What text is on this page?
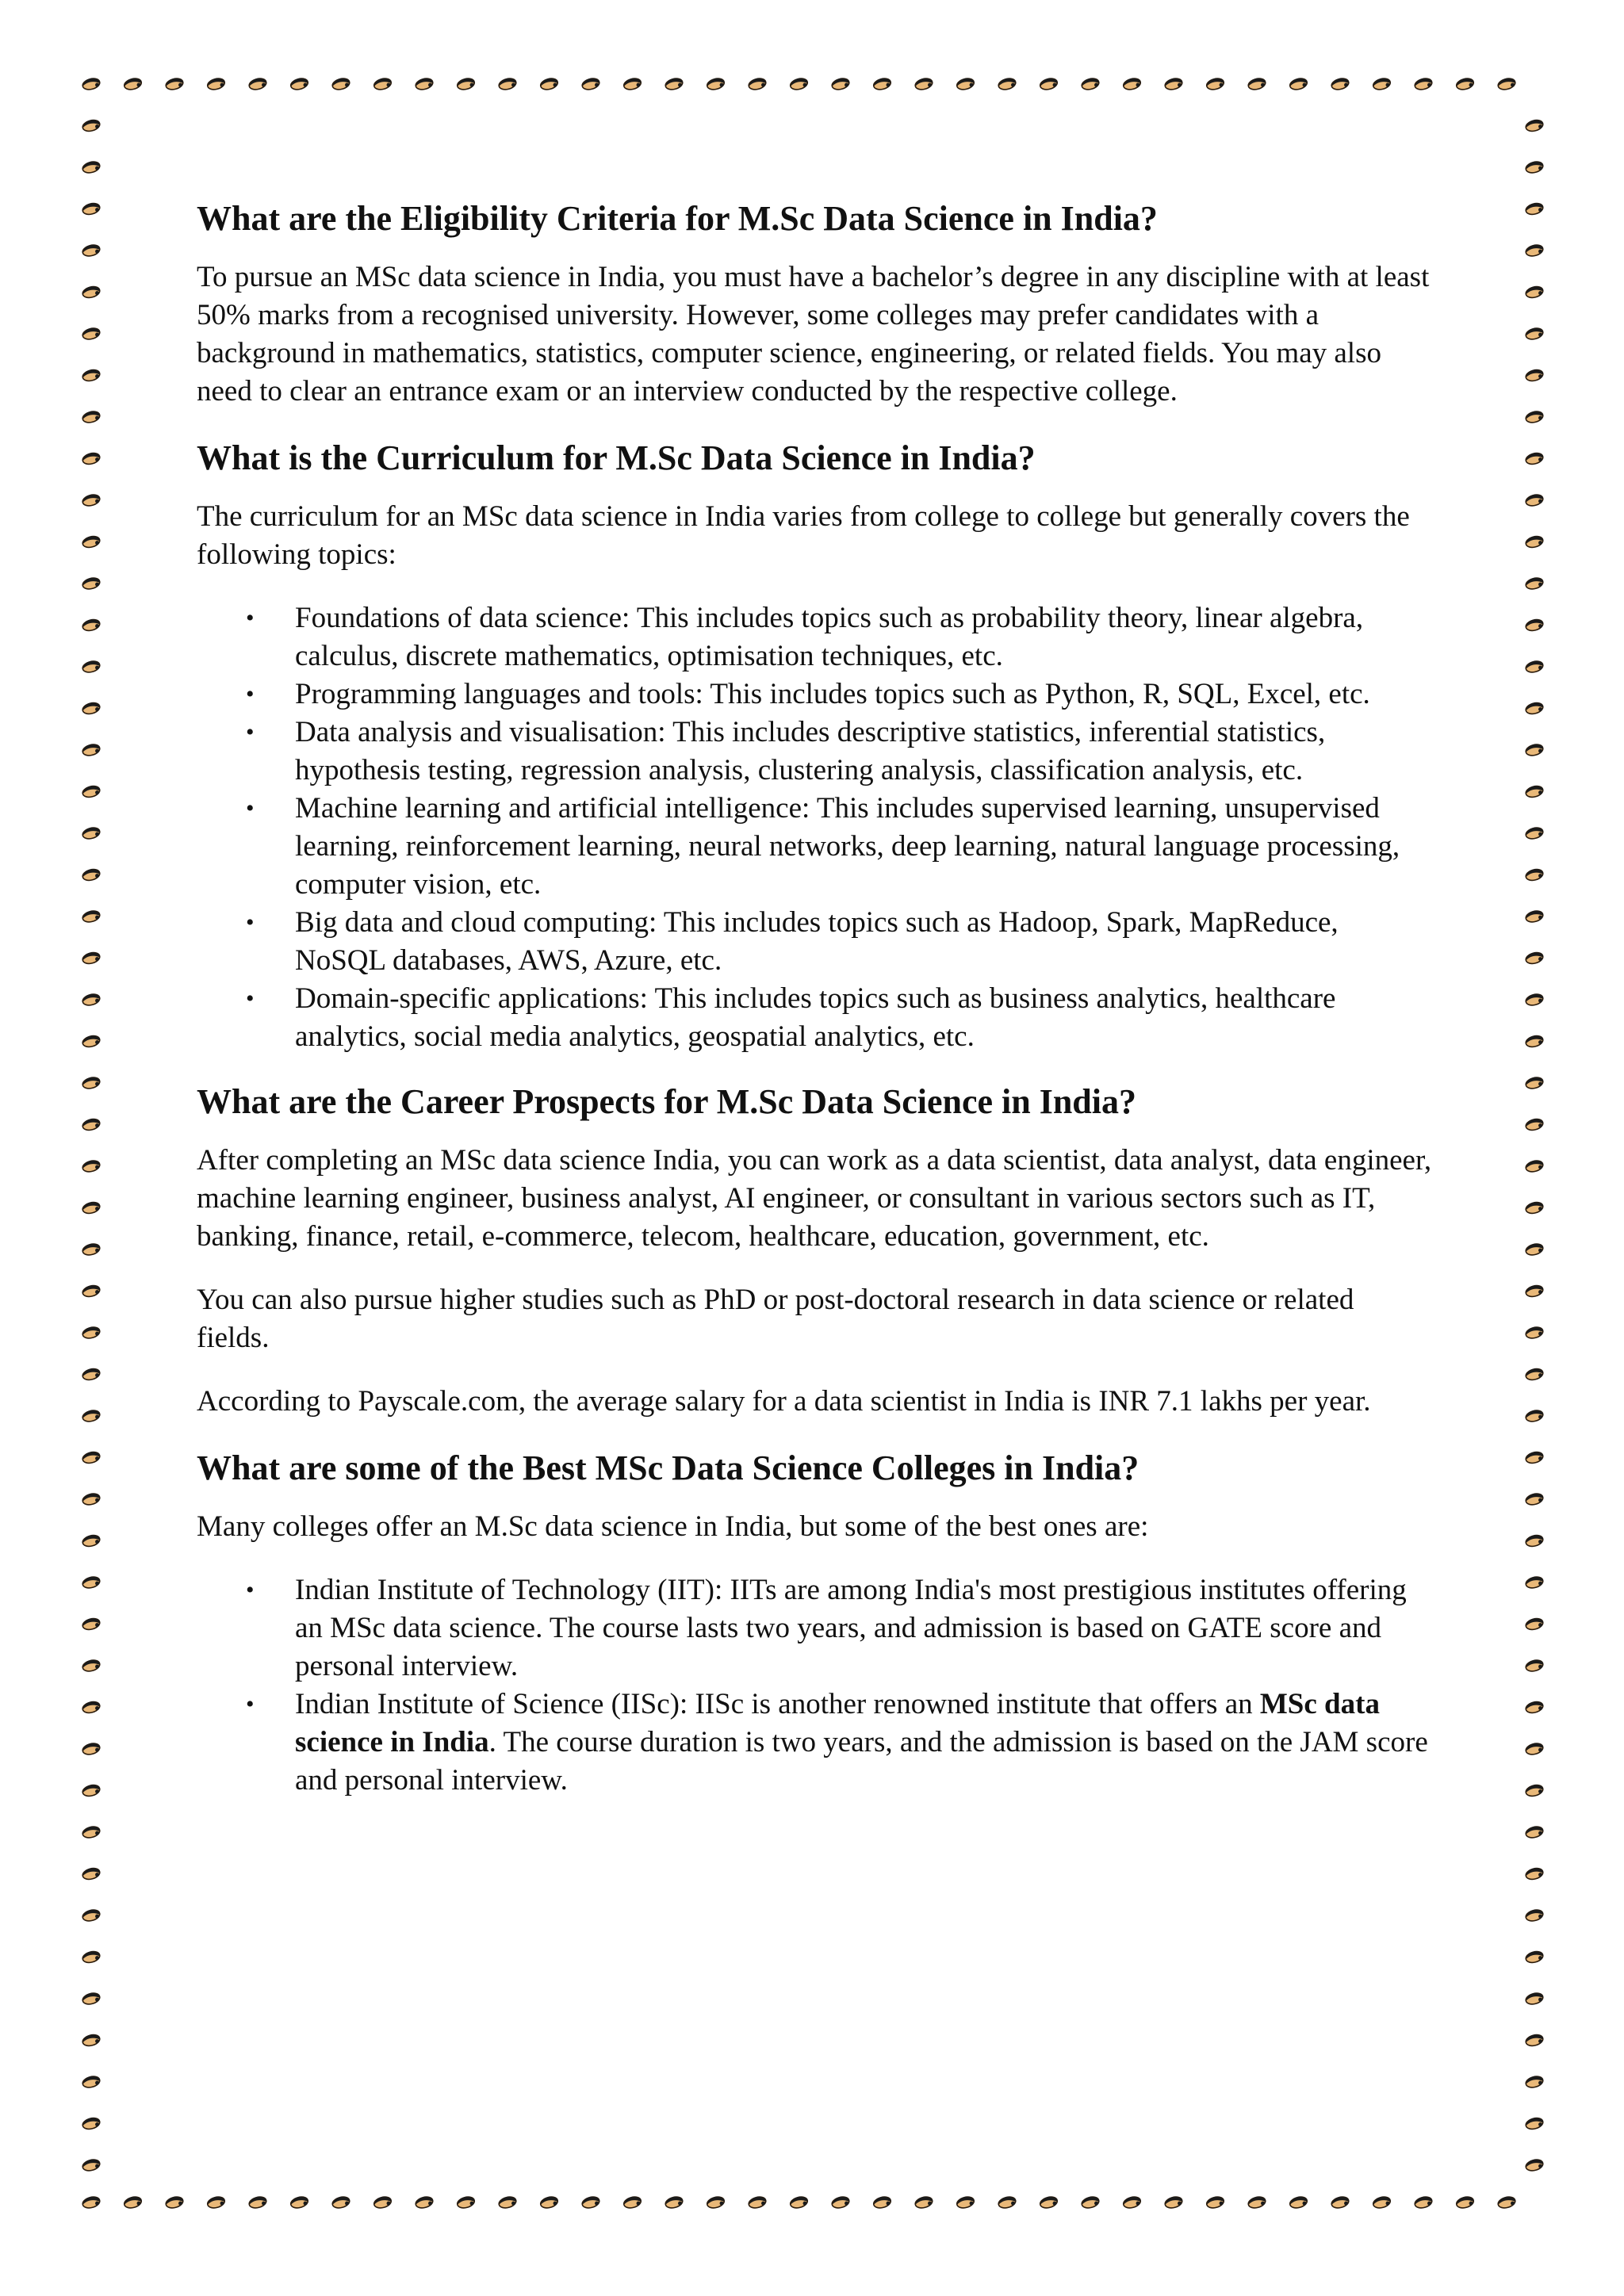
What are the Eligibility Criteria for M.Sc Data Science in India?

To pursue an MSc data science in India, you must have a bachelor’s degree in any discipline with at least 50% marks from a recognised university. However, some colleges may prefer candidates with a background in mathematics, statistics, computer science, engineering, or related fields. You may also need to clear an entrance exam or an interview conducted by the respective college.

What is the Curriculum for M.Sc Data Science in India?

The curriculum for an MSc data science in India varies from college to college but generally covers the following topics:

• Foundations of data science: This includes topics such as probability theory, linear algebra, calculus, discrete mathematics, optimisation techniques, etc.
• Programming languages and tools: This includes topics such as Python, R, SQL, Excel, etc.
• Data analysis and visualisation: This includes descriptive statistics, inferential statistics, hypothesis testing, regression analysis, clustering analysis, classification analysis, etc.
• Machine learning and artificial intelligence: This includes supervised learning, unsupervised learning, reinforcement learning, neural networks, deep learning, natural language processing, computer vision, etc.
• Big data and cloud computing: This includes topics such as Hadoop, Spark, MapReduce, NoSQL databases, AWS, Azure, etc.
• Domain-specific applications: This includes topics such as business analytics, healthcare analytics, social media analytics, geospatial analytics, etc.
What are the Career Prospects for M.Sc Data Science in India?

After completing an MSc data science India, you can work as a data scientist, data analyst, data engineer, machine learning engineer, business analyst, AI engineer, or consultant in various sectors such as IT, banking, finance, retail, e-commerce, telecom, healthcare, education, government, etc.

You can also pursue higher studies such as PhD or post-doctoral research in data science or related fields.

According to Payscale.com, the average salary for a data scientist in India is INR 7.1 lakhs per year.

What are some of the Best MSc Data Science Colleges in India?

Many colleges offer an M.Sc data science in India, but some of the best ones are:

• Indian Institute of Technology (IIT): IITs are among India's most prestigious institutes offering an MSc data science. The course lasts two years, and admission is based on GATE score and personal interview.
• Indian Institute of Science (IISc): IISc is another renowned institute that offers an MSc data science in India. The course duration is two years, and the admission is based on the JAM score and personal interview.
